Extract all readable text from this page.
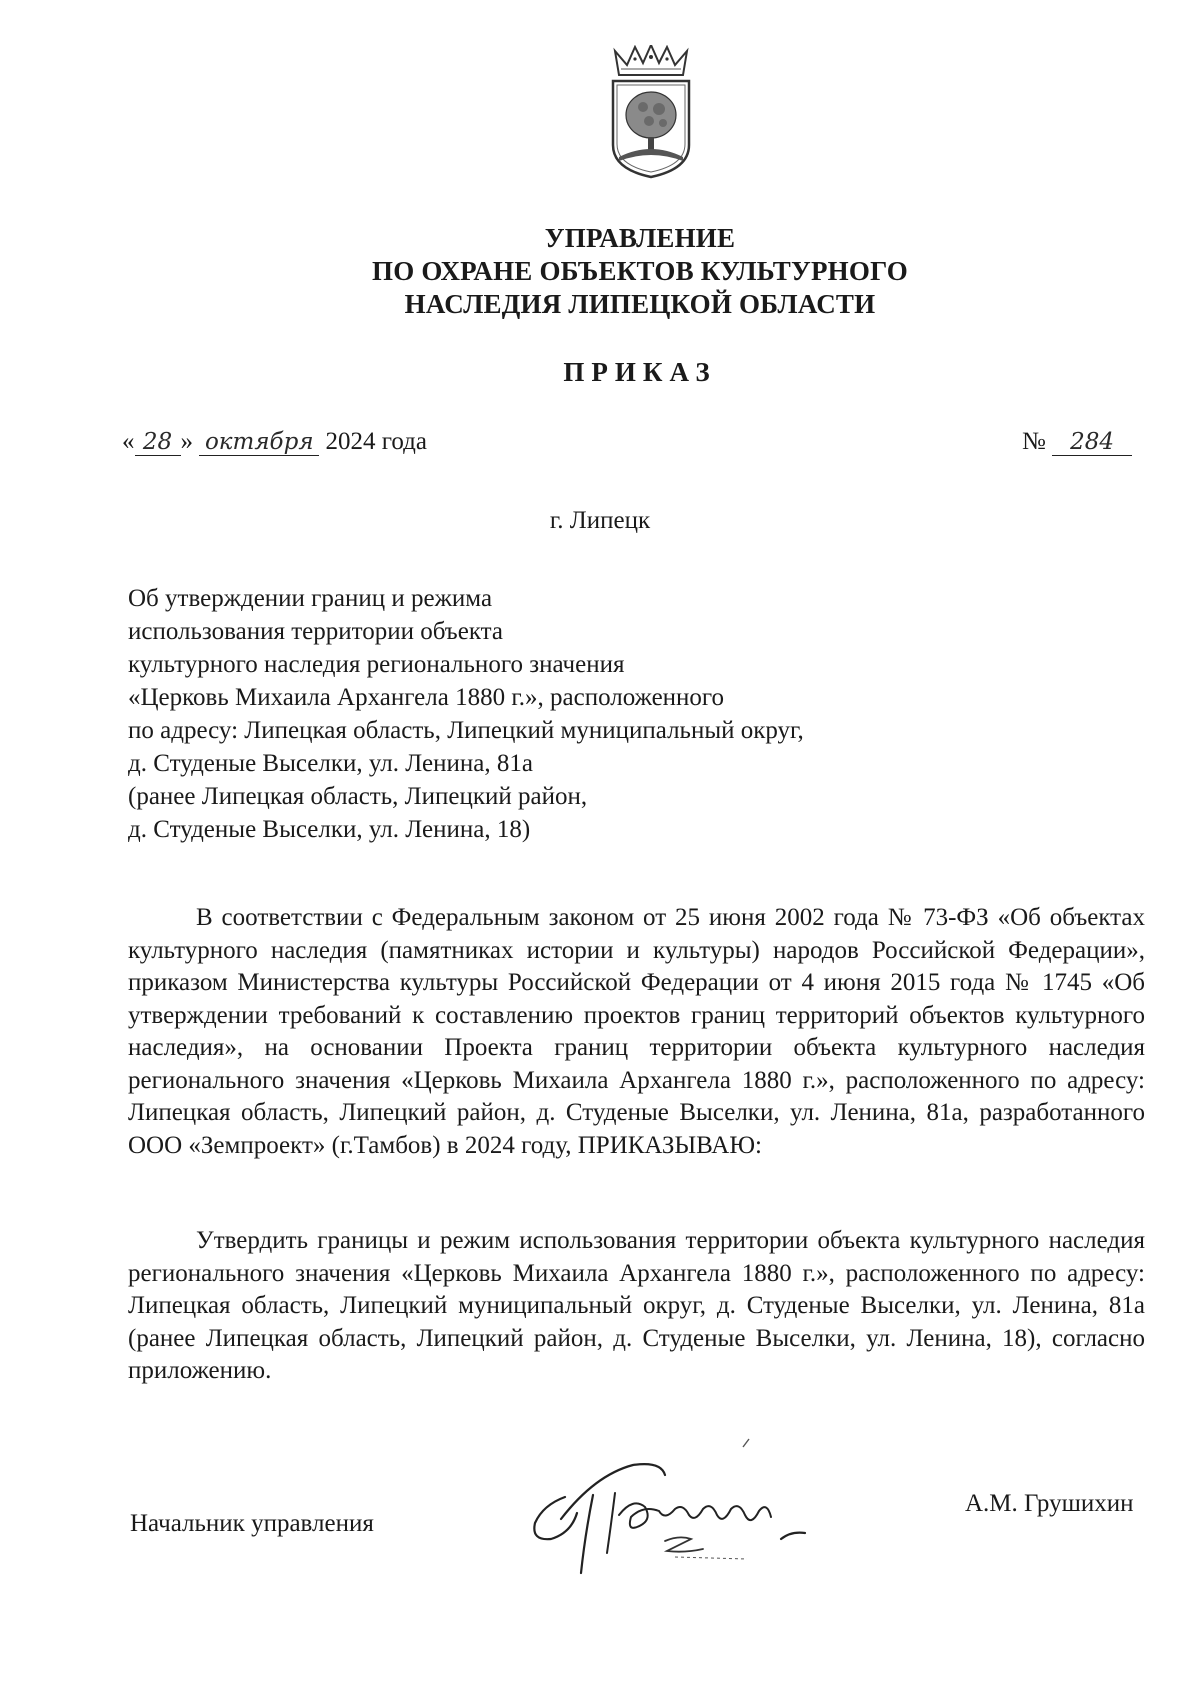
УПРАВЛЕНИЕ
ПО ОХРАНЕ ОБЪЕКТОВ КУЛЬТУРНОГО
НАСЛЕДИЯ ЛИПЕЦКОЙ ОБЛАСТИ
ПРИКАЗ
« 28 » октября 2024 года	№ 284
г. Липецк
Об утверждении границ и режима
использования территории объекта
культурного наследия регионального значения
«Церковь Михаила Архангела 1880 г.», расположенного
по адресу: Липецкая область, Липецкий муниципальный округ,
д. Студеные Выселки, ул. Ленина, 81а
(ранее Липецкая область, Липецкий район,
д. Студеные Выселки, ул. Ленина, 18)
В соответствии с Федеральным законом от 25 июня 2002 года № 73-ФЗ «Об объектах культурного наследия (памятниках истории и культуры) народов Российской Федерации», приказом Министерства культуры Российской Федерации от 4 июня 2015 года № 1745 «Об утверждении требований к составлению проектов границ территорий объектов культурного наследия», на основании Проекта границ территории объекта культурного наследия регионального значения «Церковь Михаила Архангела 1880 г.», расположенного по адресу: Липецкая область, Липецкий район, д. Студеные Выселки, ул. Ленина, 81а, разработанного ООО «Земпроект» (г.Тамбов) в 2024 году, ПРИКАЗЫВАЮ:
Утвердить границы и режим использования территории объекта культурного наследия регионального значения «Церковь Михаила Архангела 1880 г.», расположенного по адресу: Липецкая область, Липецкий муниципальный округ, д. Студеные Выселки, ул. Ленина, 81а (ранее Липецкая область, Липецкий район, д. Студеные Выселки, ул. Ленина, 18), согласно приложению.
Начальник управления
А.М. Грушихин
